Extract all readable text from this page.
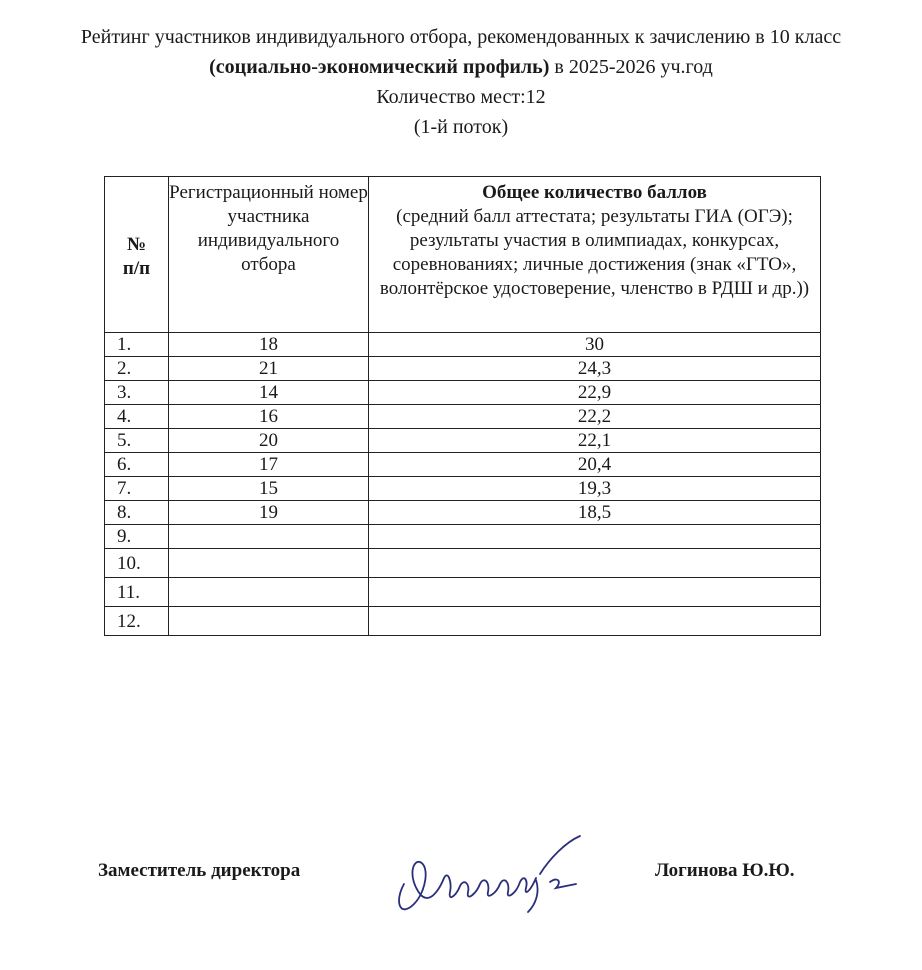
Рейтинг участников индивидуального отбора, рекомендованных к зачислению в 10 класс
(социально-экономический профиль) в 2025-2026 уч.год
Количество мест:12
(1-й поток)
№
п/п	Регистрационный номер участника индивидуального отбора	Общее количество баллов
(средний балл аттестата; результаты ГИА (ОГЭ); результаты участия в олимпиадах, конкурсах, соревнованиях; личные достижения (знак «ГТО», волонтёрское удостоверение, членство в РДШ и др.))
1.	18	30
2.	21	24,3
3.	14	22,9
4.	16	22,2
5.	20	22,1
6.	17	20,4
7.	15	19,3
8.	19	18,5
9.		
10.		
11.		
12.		
Заместитель директора	Логинова Ю.Ю.
